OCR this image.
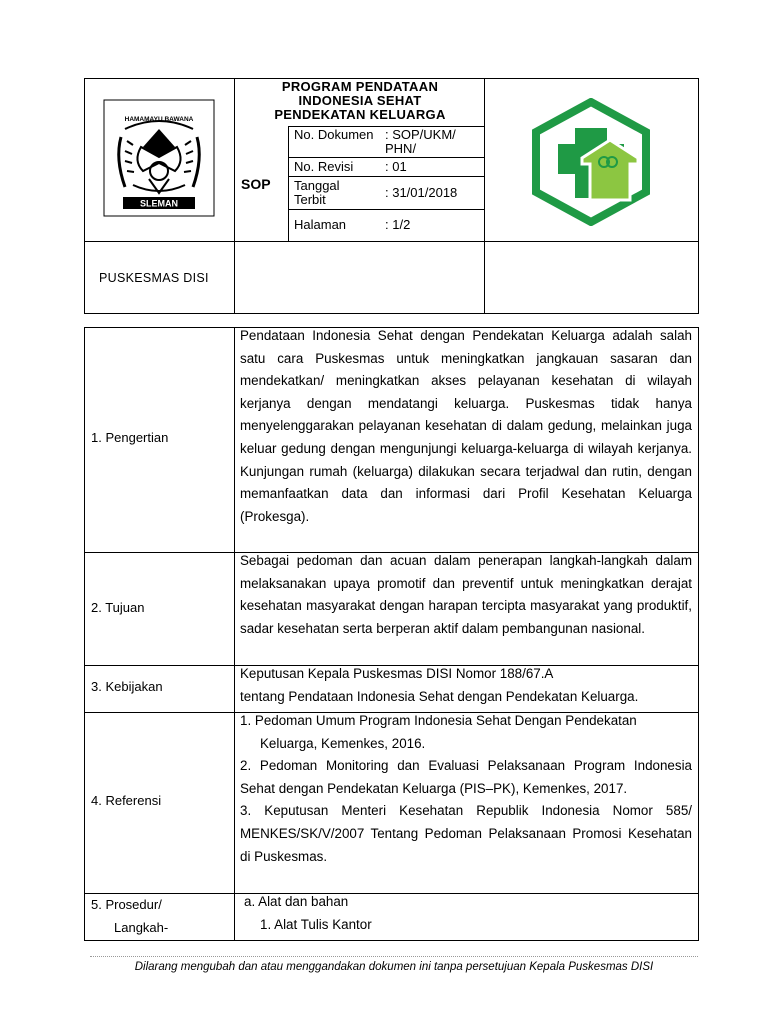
HAMAMAYU BAWANA
SLEMAN
PROGRAM PENDATAAN
INDONESIA SEHAT
PENDEKATAN KELUARGA
SOP
No. Dokumen : SOP/UKM/ PHN/
No. Revisi : 01
Tanggal Terbit	: 31/01/2018
Halaman	: 1/2
PUSKESMAS DISI
1. Pengertian

Pendataan Indonesia Sehat dengan Pendekatan Keluarga adalah salah satu cara Puskesmas untuk meningkatkan jangkauan sasaran dan mendekatkan/ meningkatkan akses pelayanan kesehatan di wilayah kerjanya dengan mendatangi keluarga. Puskesmas tidak hanya menyelenggarakan pelayanan kesehatan di dalam gedung, melainkan juga keluar gedung dengan mengunjungi keluarga-keluarga di wilayah kerjanya. Kunjungan rumah (keluarga) dilakukan secara terjadwal dan rutin, dengan memanfaatkan data dan informasi dari Profil Kesehatan Keluarga (Prokesga).

2. Tujuan

Sebagai pedoman dan acuan dalam penerapan langkah-langkah dalam melaksanakan upaya promotif dan preventif untuk meningkatkan derajat kesehatan masyarakat dengan harapan tercipta masyarakat yang produktif, sadar kesehatan serta berperan aktif dalam pembangunan nasional.

3. Kebijakan

Keputusan Kepala Puskesmas DISI Nomor 188/67.A

tentang Pendataan Indonesia Sehat dengan Pendekatan Keluarga.

4. Referensi

1. Pedoman Umum Program Indonesia Sehat Dengan Pendekatan

Keluarga, Kemenkes, 2016.

2. Pedoman Monitoring dan Evaluasi Pelaksanaan Program Indonesia Sehat dengan Pendekatan Keluarga (PIS–PK), Kemenkes, 2017.

3. Keputusan Menteri Kesehatan Republik Indonesia Nomor 585/ MENKES/SK/V/2007 Tentang Pedoman Pelaksanaan Promosi Kesehatan di Puskesmas.

5. Prosedur/
Langkah-

a. Alat dan bahan

1. Alat Tulis Kantor

Dilarang mengubah dan atau menggandakan dokumen ini tanpa persetujuan Kepala Puskesmas DISI
